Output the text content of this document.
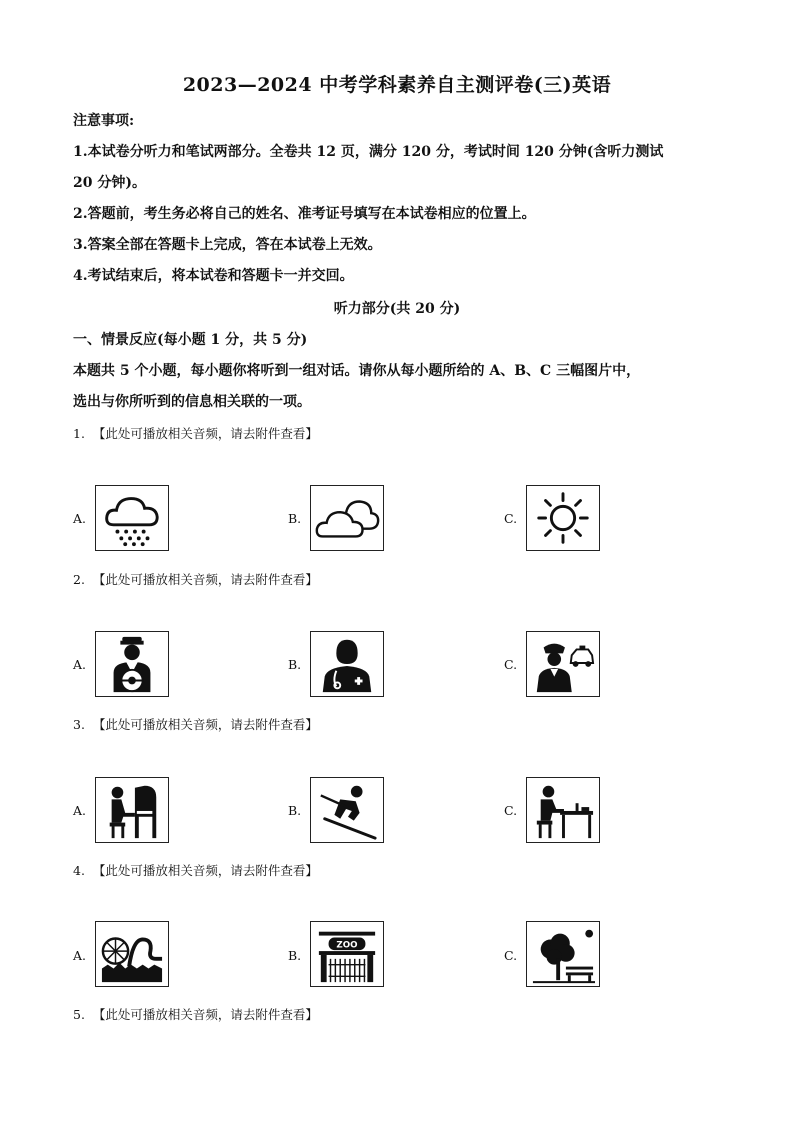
2023—2024 中考学科素养自主测评卷(三)英语
注意事项:
1.本试卷分听力和笔试两部分。全卷共 12 页，满分 120 分，考试时间 120 分钟(含听力测试
20 分钟)。
2.答题前，考生务必将自己的姓名、准考证号填写在本试卷相应的位置上。
3.答案全部在答题卡上完成，答在本试卷上无效。
4.考试结束后，将本试卷和答题卡一并交回。
听力部分(共 20 分)
一、情景反应(每小题 1 分，共 5 分)
本题共 5 个小题，每小题你将听到一组对话。请你从每小题所给的 A、B、C 三幅图片中，
选出与你所听到的信息相关联的一项。
1. 【此处可播放相关音频，请去附件查看】
A.	B.	C.
2. 【此处可播放相关音频，请去附件查看】
A.	B.	C.
3. 【此处可播放相关音频，请去附件查看】
A.	B.	C.
4. 【此处可播放相关音频，请去附件查看】
A.	B.
ZOO
C.
5. 【此处可播放相关音频，请去附件查看】
